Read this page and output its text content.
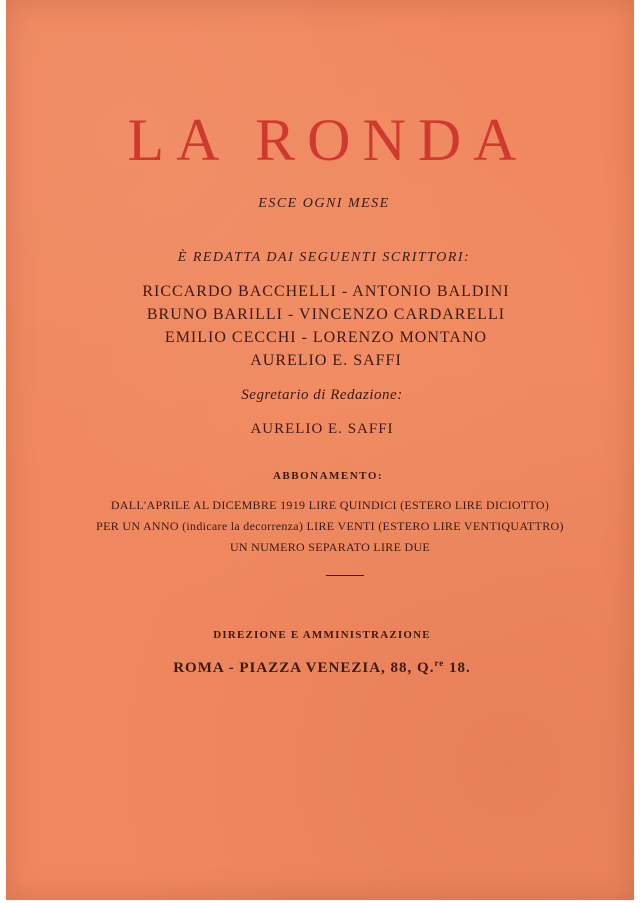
LA RONDA
ESCE OGNI MESE
È REDATTA DAI SEGUENTI SCRITTORI:
RICCARDO BACCHELLI - ANTONIO BALDINI
BRUNO BARILLI - VINCENZO CARDARELLI
EMILIO CECCHI - LORENZO MONTANO
AURELIO E. SAFFI
Segretario di Redazione:
AURELIO E. SAFFI
ABBONAMENTO:
DALL'APRILE AL DICEMBRE 1919 LIRE QUINDICI (ESTERO LIRE DICIOTTO)
PER UN ANNO (indicare la decorrenza) LIRE VENTI (ESTERO LIRE VENTIQUATTRO)
UN NUMERO SEPARATO LIRE DUE
DIREZIONE E AMMINISTRAZIONE
ROMA - PIAZZA VENEZIA, 88, Q.$^{re}$ 18.
